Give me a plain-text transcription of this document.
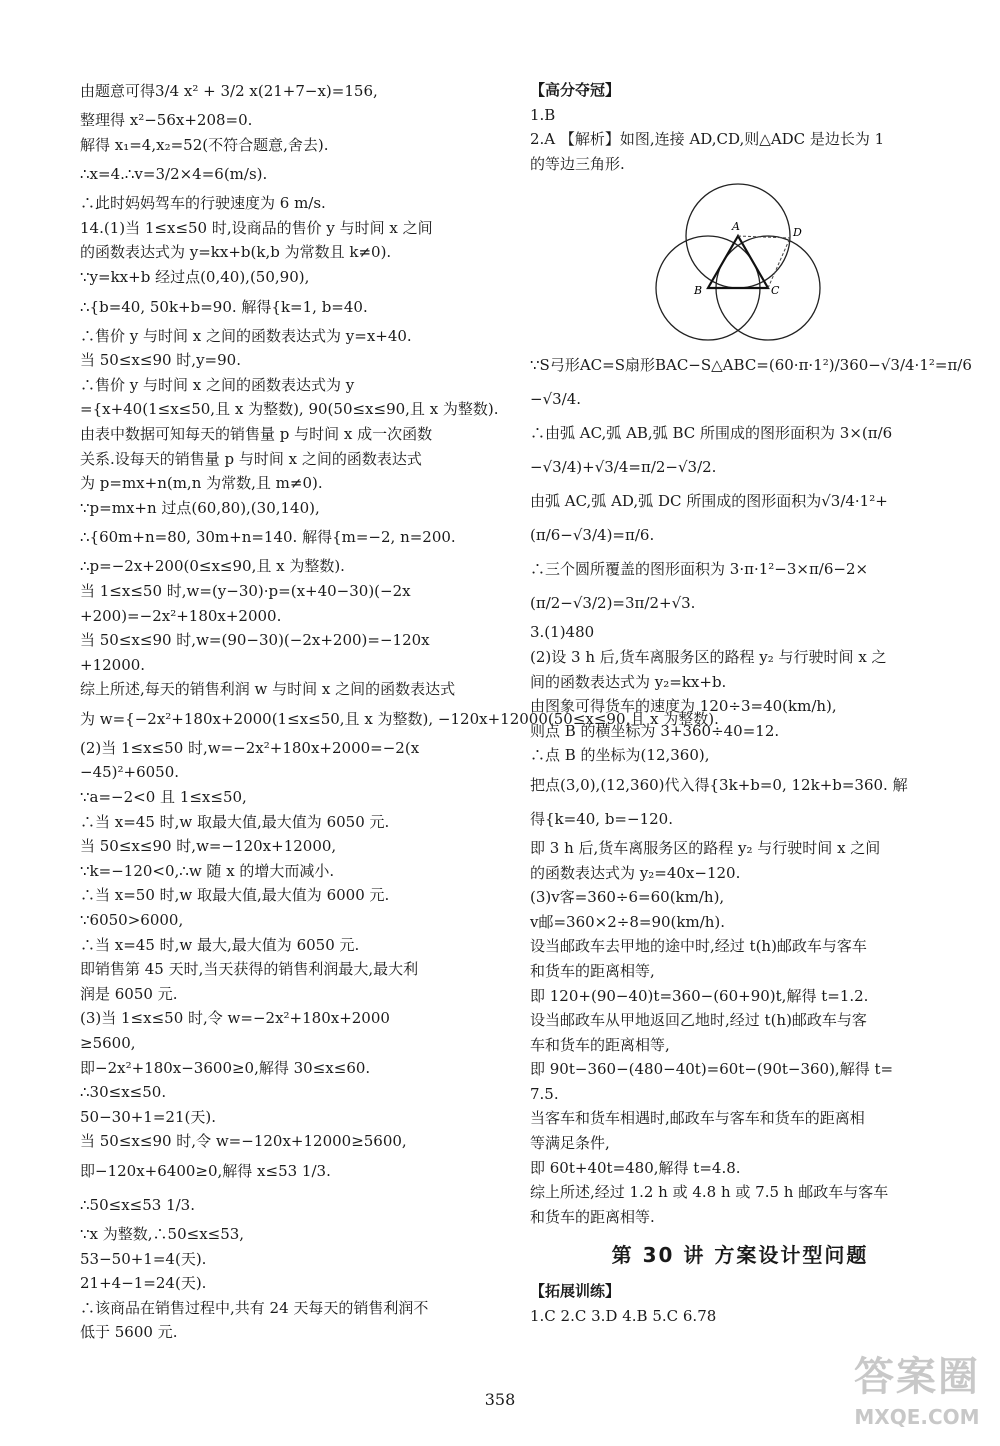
由题意可得3/4 x² + 3/2 x(21+7−x)=156,
整理得 x²−56x+208=0.
解得 x₁=4,x₂=52(不符合题意,舍去).
∴x=4.∴v=3/2×4=6(m/s).
∴此时妈妈驾车的行驶速度为 6 m/s.
14.(1)当 1≤x≤50 时,设商品的售价 y 与时间 x 之间
的函数表达式为 y=kx+b(k,b 为常数且 k≠0).
∵y=kx+b 经过点(0,40),(50,90),
∴{b=40, 50k+b=90. 解得{k=1, b=40.
∴售价 y 与时间 x 之间的函数表达式为 y=x+40.
当 50≤x≤90 时,y=90.
∴售价 y 与时间 x 之间的函数表达式为 y
={x+40(1≤x≤50,且 x 为整数), 90(50≤x≤90,且 x 为整数).
由表中数据可知每天的销售量 p 与时间 x 成一次函数
关系.设每天的销售量 p 与时间 x 之间的函数表达式
为 p=mx+n(m,n 为常数,且 m≠0).
∵p=mx+n 过点(60,80),(30,140),
∴{60m+n=80, 30m+n=140. 解得{m=−2, n=200.
∴p=−2x+200(0≤x≤90,且 x 为整数).
当 1≤x≤50 时,w=(y−30)·p=(x+40−30)(−2x
+200)=−2x²+180x+2000.
当 50≤x≤90 时,w=(90−30)(−2x+200)=−120x
+12000.
综上所述,每天的销售利润 w 与时间 x 之间的函数表达式
为 w={−2x²+180x+2000(1≤x≤50,且 x 为整数), −120x+12000(50≤x≤90,且 x 为整数).
(2)当 1≤x≤50 时,w=−2x²+180x+2000=−2(x
−45)²+6050.
∵a=−2<0 且 1≤x≤50,
∴当 x=45 时,w 取最大值,最大值为 6050 元.
当 50≤x≤90 时,w=−120x+12000,
∵k=−120<0,∴w 随 x 的增大而减小.
∴当 x=50 时,w 取最大值,最大值为 6000 元.
∵6050>6000,
∴当 x=45 时,w 最大,最大值为 6050 元.
即销售第 45 天时,当天获得的销售利润最大,最大利
润是 6050 元.
(3)当 1≤x≤50 时,令 w=−2x²+180x+2000
≥5600,
即−2x²+180x−3600≥0,解得 30≤x≤60.
∴30≤x≤50.
50−30+1=21(天).
当 50≤x≤90 时,令 w=−120x+12000≥5600,
即−120x+6400≥0,解得 x≤53 1/3.
∴50≤x≤53 1/3.
∵x 为整数,∴50≤x≤53,
53−50+1=4(天).
21+4−1=24(天).
∴该商品在销售过程中,共有 24 天每天的销售利润不
低于 5600 元.
【高分夺冠】
1.B
2.A 【解析】如图,连接 AD,CD,则△ADC 是边长为 1
的等边三角形.
A
B	C
D
∵S弓形AC=S扇形BAC−S△ABC=(60·π·1²)/360−√3/4·1²=π/6
−√3/4.
∴由弧 AC,弧 AB,弧 BC 所围成的图形面积为 3×(π/6
−√3/4)+√3/4=π/2−√3/2.
由弧 AC,弧 AD,弧 DC 所围成的图形面积为√3/4·1²+
(π/6−√3/4)=π/6.
∴三个圆所覆盖的图形面积为 3·π·1²−3×π/6−2×
(π/2−√3/2)=3π/2+√3.
3.(1)480
(2)设 3 h 后,货车离服务区的路程 y₂ 与行驶时间 x 之
间的函数表达式为 y₂=kx+b.
由图象可得货车的速度为 120÷3=40(km/h),
则点 B 的横坐标为 3+360÷40=12.
∴点 B 的坐标为(12,360),
把点(3,0),(12,360)代入得{3k+b=0, 12k+b=360. 解
得{k=40, b=−120.
即 3 h 后,货车离服务区的路程 y₂ 与行驶时间 x 之间
的函数表达式为 y₂=40x−120.
(3)v客=360÷6=60(km/h),
v邮=360×2÷8=90(km/h).
设当邮政车去甲地的途中时,经过 t(h)邮政车与客车
和货车的距离相等,
即 120+(90−40)t=360−(60+90)t,解得 t=1.2.
设当邮政车从甲地返回乙地时,经过 t(h)邮政车与客
车和货车的距离相等,
即 90t−360−(480−40t)=60t−(90t−360),解得 t=
7.5.
当客车和货车相遇时,邮政车与客车和货车的距离相
等满足条件,
即 60t+40t=480,解得 t=4.8.
综上所述,经过 1.2 h 或 4.8 h 或 7.5 h 邮政车与客车
和货车的距离相等.
第 30 讲 方案设计型问题
【拓展训练】
1.C 2.C 3.D 4.B 5.C 6.78
358	答案圈
MXQE.COM
